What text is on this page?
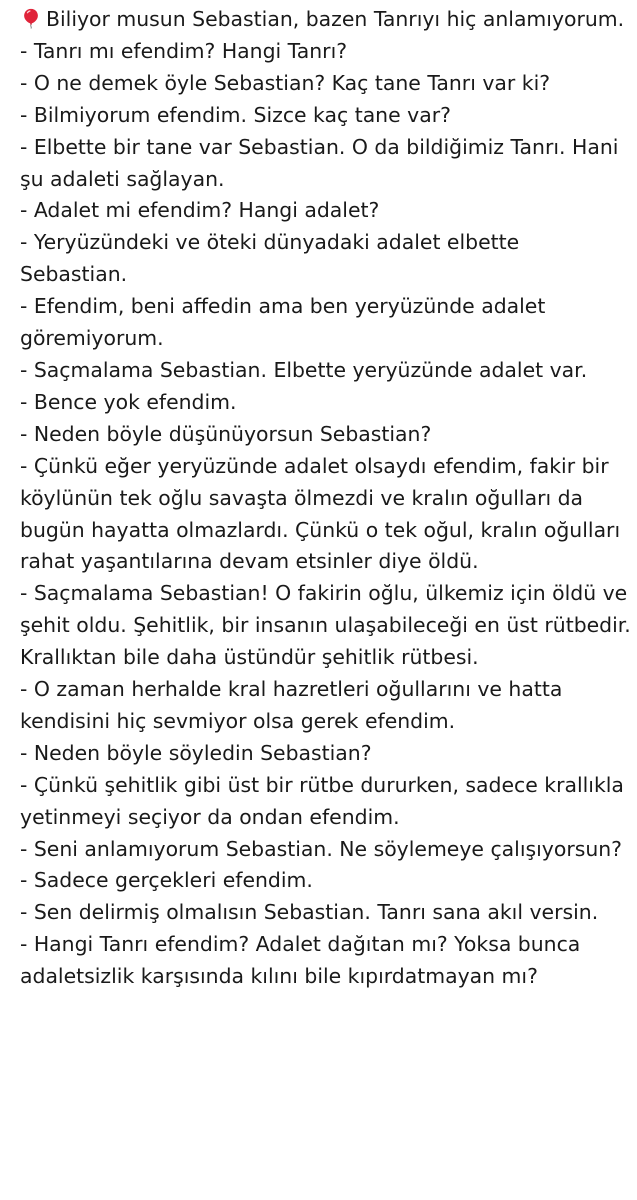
Biliyor musun Sebastian, bazen Tanrıyı hiç anlamıyorum.

- Tanrı mı efendim? Hangi Tanrı?

- O ne demek öyle Sebastian? Kaç tane Tanrı var ki?

- Bilmiyorum efendim. Sizce kaç tane var?

- Elbette bir tane var Sebastian. O da bildiğimiz Tanrı. Hani şu adaleti sağlayan.

- Adalet mi efendim? Hangi adalet?

- Yeryüzündeki ve öteki dünyadaki adalet elbette Sebastian.

- Efendim, beni affedin ama ben yeryüzünde adalet göremiyorum.

- Saçmalama Sebastian. Elbette yeryüzünde adalet var.

- Bence yok efendim.

- Neden böyle düşünüyorsun Sebastian?

- Çünkü eğer yeryüzünde adalet olsaydı efendim, fakir bir köylünün tek oğlu savaşta ölmezdi ve kralın oğulları da bugün hayatta olmazlardı. Çünkü o tek oğul, kralın oğulları rahat yaşantılarına devam etsinler diye öldü.

- Saçmalama Sebastian! O fakirin oğlu, ülkemiz için öldü ve şehit oldu. Şehitlik, bir insanın ulaşabileceği en üst rütbedir. Krallıktan bile daha üstündür şehitlik rütbesi.

- O zaman herhalde kral hazretleri oğullarını ve hatta kendisini hiç sevmiyor olsa gerek efendim.

- Neden böyle söyledin Sebastian?

- Çünkü şehitlik gibi üst bir rütbe dururken, sadece krallıkla yetinmeyi seçiyor da ondan efendim.

- Seni anlamıyorum Sebastian. Ne söylemeye çalışıyorsun?

- Sadece gerçekleri efendim.

- Sen delirmiş olmalısın Sebastian. Tanrı sana akıl versin.

- Hangi Tanrı efendim? Adalet dağıtan mı? Yoksa bunca adaletsizlik karşısında kılını bile kıpırdatmayan mı?
